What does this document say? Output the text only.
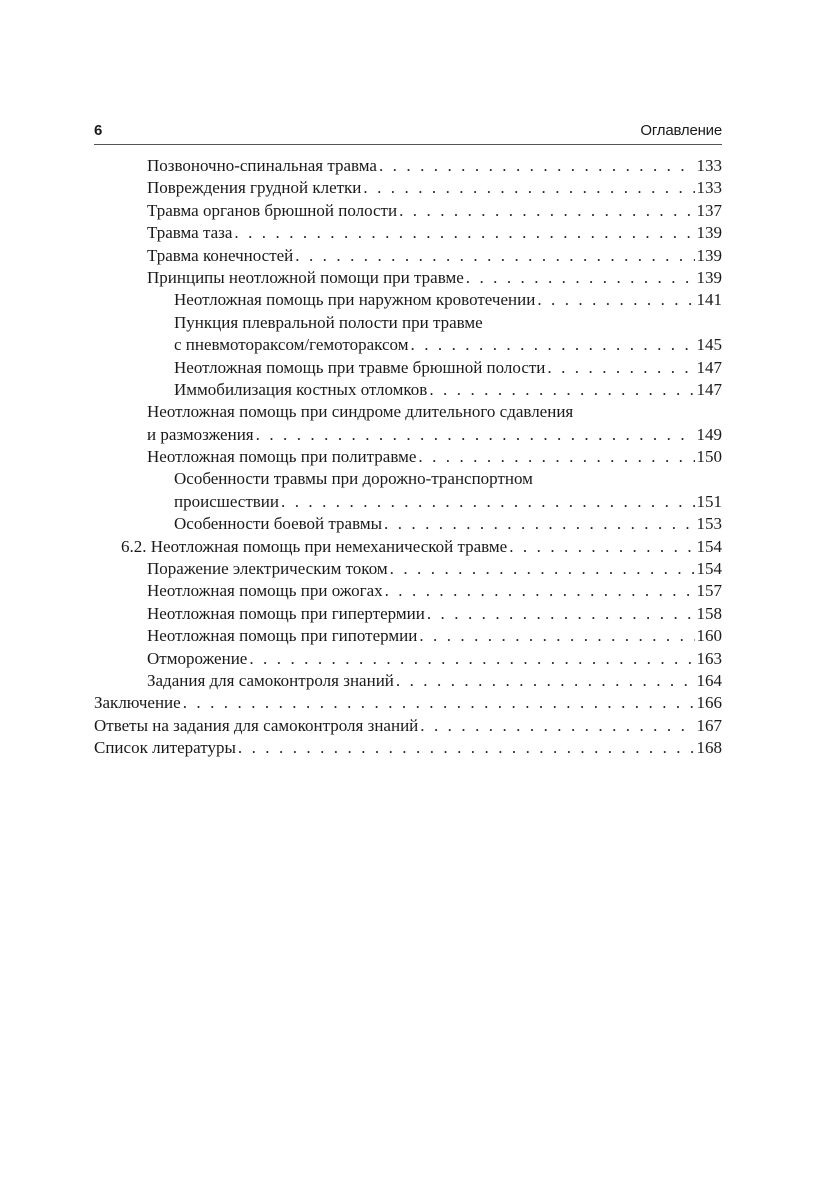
6	Оглавление
Позвоночно-спинальная травма . . .	133
Повреждения грудной клетки . . .	133
Травма органов брюшной полости . . .	137
Травма таза . . .	139
Травма конечностей . . .	139
Принципы неотложной помощи при травме . . .	139
Неотложная помощь при наружном кровотечении . . .	141
Пункция плевральной полости при травме
с пневмотораксом/гемотораксом . . .	145
Неотложная помощь при травме брюшной полости . . .	147
Иммобилизация костных отломков . . .	147
Неотложная помощь при синдроме длительного сдавления
и размозжения . . .	149
Неотложная помощь при политравме . . .	150
Особенности травмы при дорожно-транспортном
происшествии . . .	151
Особенности боевой травмы . . .	153
6.2. Неотложная помощь при немеханической травме . . .	154
Поражение электрическим током . . .	154
Неотложная помощь при ожогах . . .	157
Неотложная помощь при гипертермии . . .	158
Неотложная помощь при гипотермии . . .	160
Отморожение . . .	163
Задания для самоконтроля знаний . . .	164
Заключение . . .	166
Ответы на задания для самоконтроля знаний . . .	167
Список литературы . . .	168
